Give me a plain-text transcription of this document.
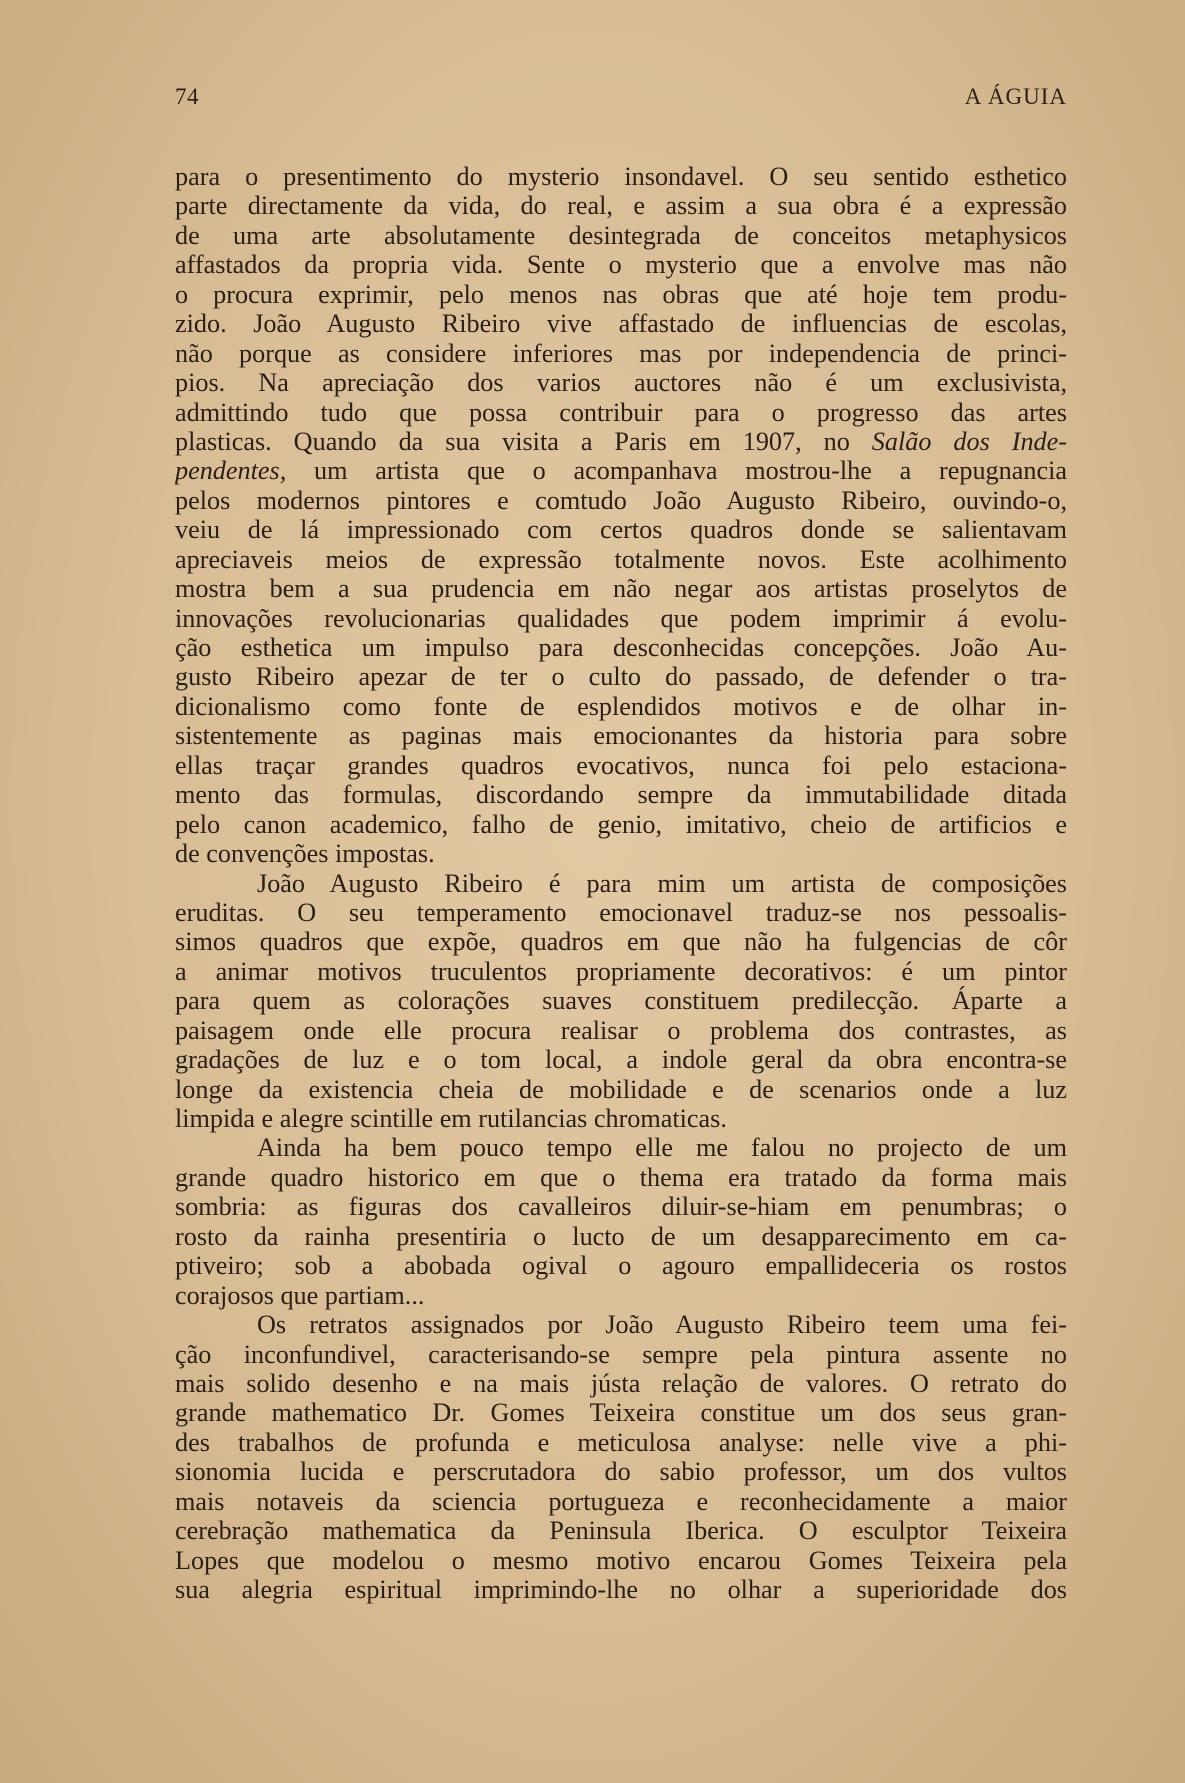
74	A ÁGUIA
para o presentimento do mysterio insondavel. O seu sentido esthetico
parte directamente da vida, do real, e assim a sua obra é a expressão
de uma arte absolutamente desintegrada de conceitos metaphysicos
affastados da propria vida. Sente o mysterio que a envolve mas não
o procura exprimir, pelo menos nas obras que até hoje tem produ-
zido. João Augusto Ribeiro vive affastado de influencias de escolas,
não porque as considere inferiores mas por independencia de princi-
pios. Na apreciação dos varios auctores não é um exclusivista,
admittindo tudo que possa contribuir para o progresso das artes
plasticas. Quando da sua visita a Paris em 1907, no Salão dos Inde-
pendentes, um artista que o acompanhava mostrou-lhe a repugnancia
pelos modernos pintores e comtudo João Augusto Ribeiro, ouvindo-o,
veiu de lá impressionado com certos quadros donde se salientavam
apreciaveis meios de expressão totalmente novos. Este acolhimento
mostra bem a sua prudencia em não negar aos artistas proselytos de
innovações revolucionarias qualidades que podem imprimir á evolu-
ção esthetica um impulso para desconhecidas concepções. João Au-
gusto Ribeiro apezar de ter o culto do passado, de defender o tra-
dicionalismo como fonte de esplendidos motivos e de olhar in-
sistentemente as paginas mais emocionantes da historia para sobre
ellas traçar grandes quadros evocativos, nunca foi pelo estaciona-
mento das formulas, discordando sempre da immutabilidade ditada
pelo canon academico, falho de genio, imitativo, cheio de artificios e
de convenções impostas.
João Augusto Ribeiro é para mim um artista de composições
eruditas. O seu temperamento emocionavel traduz-se nos pessoalis-
simos quadros que expõe, quadros em que não ha fulgencias de côr
a animar motivos truculentos propriamente decorativos: é um pintor
para quem as colorações suaves constituem predilecção. Áparte a
paisagem onde elle procura realisar o problema dos contrastes, as
gradações de luz e o tom local, a indole geral da obra encontra-se
longe da existencia cheia de mobilidade e de scenarios onde a luz
limpida e alegre scintille em rutilancias chromaticas.
Ainda ha bem pouco tempo elle me falou no projecto de um
grande quadro historico em que o thema era tratado da forma mais
sombria: as figuras dos cavalleiros diluir-se-hiam em penumbras; o
rosto da rainha presentiria o lucto de um desapparecimento em ca-
ptiveiro; sob a abobada ogival o agouro empallideceria os rostos
corajosos que partiam...
Os retratos assignados por João Augusto Ribeiro teem uma fei-
ção inconfundivel, caracterisando-se sempre pela pintura assente no
mais solido desenho e na mais jústa relação de valores. O retrato do
grande mathematico Dr. Gomes Teixeira constitue um dos seus gran-
des trabalhos de profunda e meticulosa analyse: nelle vive a phi-
sionomia lucida e perscrutadora do sabio professor, um dos vultos
mais notaveis da sciencia portugueza e reconhecidamente a maior
cerebração mathematica da Peninsula Iberica. O esculptor Teixeira
Lopes que modelou o mesmo motivo encarou Gomes Teixeira pela
sua alegria espiritual imprimindo-lhe no olhar a superioridade dos
